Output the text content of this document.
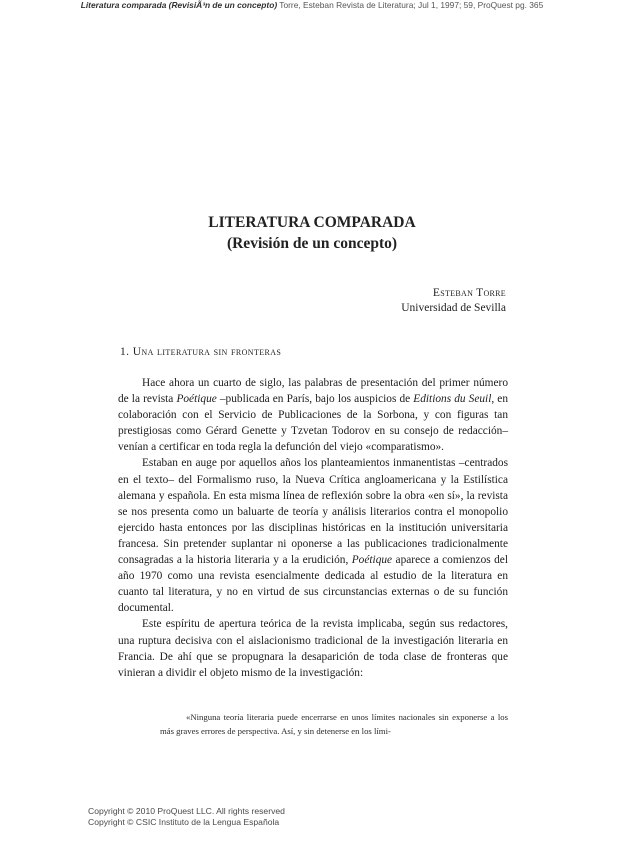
Literatura comparada (RevisiÃ³n de un concepto) Torre, Esteban Revista de Literatura; Jul 1, 1997; 59, ProQuest pg. 365
LITERATURA COMPARADA
(Revisión de un concepto)
Esteban Torre
Universidad de Sevilla
1. Una literatura sin fronteras

Hace ahora un cuarto de siglo, las palabras de presentación del primer número de la revista Poétique –publicada en París, bajo los auspicios de Editions du Seuil, en colaboración con el Servicio de Publicaciones de la Sorbona, y con figuras tan prestigiosas como Gérard Genette y Tzvetan Todorov en su consejo de redacción– venían a certificar en toda regla la defunción del viejo «comparatismo».

Estaban en auge por aquellos años los planteamientos inmanentistas –centrados en el texto– del Formalismo ruso, la Nueva Crítica angloamericana y la Estilística alemana y española. En esta misma línea de reflexión sobre la obra «en sí», la revista se nos presenta como un baluarte de teoría y análisis literarios contra el monopolio ejercido hasta entonces por las disciplinas históricas en la institución universitaria francesa. Sin pretender suplantar ni oponerse a las publicaciones tradicionalmente consagradas a la historia literaria y a la erudición, Poétique aparece a comienzos del año 1970 como una revista esencialmente dedicada al estudio de la literatura en cuanto tal literatura, y no en virtud de sus circunstancias externas o de su función documental.

Este espíritu de apertura teórica de la revista implicaba, según sus redactores, una ruptura decisiva con el aislacionismo tradicional de la investigación literaria en Francia. De ahí que se propugnara la desaparición de toda clase de fronteras que vinieran a dividir el objeto mismo de la investigación:

«Ninguna teoría literaria puede encerrarse en unos límites nacionales sin exponerse a los más graves errores de perspectiva. Así, y sin detenerse en los lími-

Copyright © 2010 ProQuest LLC. All rights reserved
Copyright © CSIC Instituto de la Lengua Española
